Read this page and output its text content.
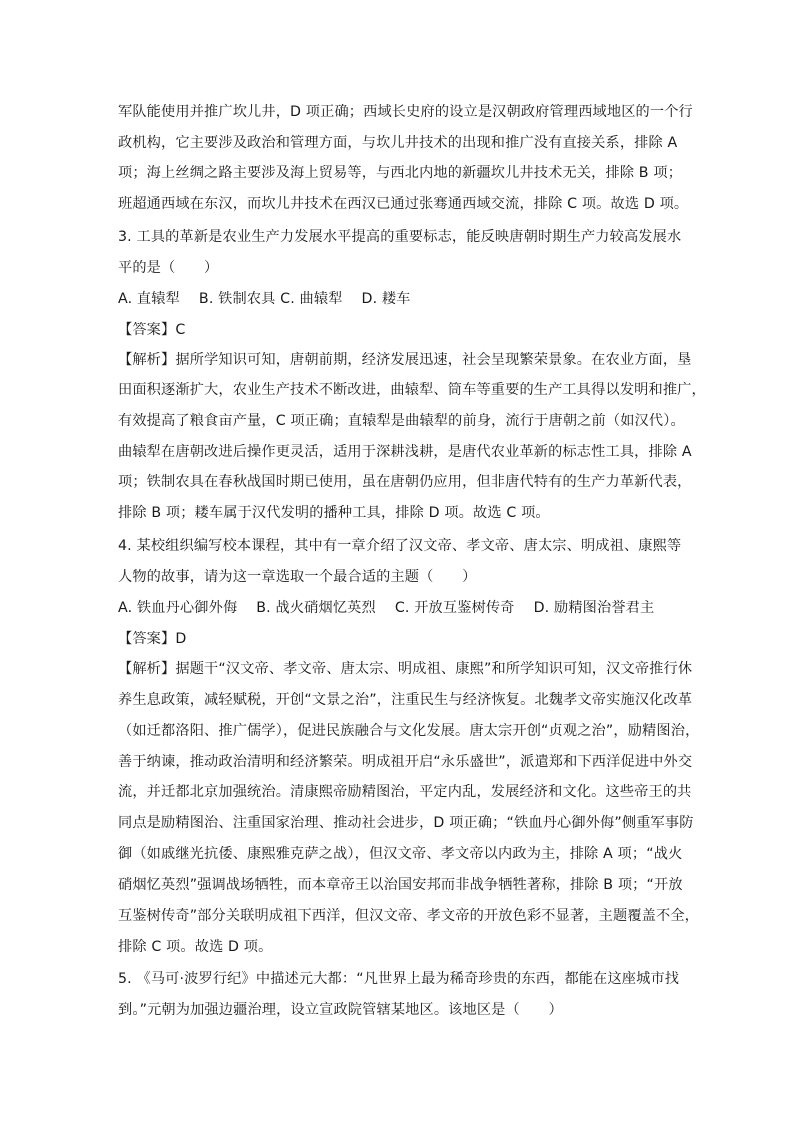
军队能使用并推广坎儿井，D 项正确；西域长史府的设立是汉朝政府管理西域地区的一个行
政机构，它主要涉及政治和管理方面，与坎儿井技术的出现和推广没有直接关系，排除 A
项；海上丝绸之路主要涉及海上贸易等，与西北内地的新疆坎儿井技术无关，排除 B 项；
班超通西域在东汉，而坎儿井技术在西汉已通过张骞通西域交流，排除 C 项。故选 D 项。
3. 工具的革新是农业生产力发展水平提高的重要标志，能反映唐朝时期生产力较高发展水
平的是（　　）
A. 直辕犁　 B. 铁制农具 C. 曲辕犁　 D. 耧车
【答案】C
【解析】据所学知识可知，唐朝前期，经济发展迅速，社会呈现繁荣景象。在农业方面，垦
田面积逐渐扩大，农业生产技术不断改进，曲辕犁、筒车等重要的生产工具得以发明和推广，
有效提高了粮食亩产量，C 项正确；直辕犁是曲辕犁的前身，流行于唐朝之前（如汉代）。
曲辕犁在唐朝改进后操作更灵活，适用于深耕浅耕，是唐代农业革新的标志性工具，排除 A
项；铁制农具在春秋战国时期已使用，虽在唐朝仍应用，但非唐代特有的生产力革新代表，
排除 B 项；耧车属于汉代发明的播种工具，排除 D 项。故选 C 项。
4. 某校组织编写校本课程，其中有一章介绍了汉文帝、孝文帝、唐太宗、明成祖、康熙等
人物的故事，请为这一章选取一个最合适的主题（　　）
A. 铁血丹心御外侮　 B. 战火硝烟忆英烈　 C. 开放互鉴树传奇　 D. 励精图治誉君主
【答案】D
【解析】据题干“汉文帝、孝文帝、唐太宗、明成祖、康熙”和所学知识可知，汉文帝推行休
养生息政策，减轻赋税，开创“文景之治”，注重民生与经济恢复。北魏孝文帝实施汉化改革
（如迁都洛阳、推广儒学），促进民族融合与文化发展。唐太宗开创“贞观之治”，励精图治，
善于纳谏，推动政治清明和经济繁荣。明成祖开启“永乐盛世”，派遣郑和下西洋促进中外交
流，并迁都北京加强统治。清康熙帝励精图治，平定内乱，发展经济和文化。这些帝王的共
同点是励精图治、注重国家治理、推动社会进步，D 项正确；“铁血丹心御外侮”侧重军事防
御（如戚继光抗倭、康熙雅克萨之战），但汉文帝、孝文帝以内政为主，排除 A 项；“战火
硝烟忆英烈”强调战场牺牲，而本章帝王以治国安邦而非战争牺牲著称，排除 B 项；“开放
互鉴树传奇”部分关联明成祖下西洋，但汉文帝、孝文帝的开放色彩不显著，主题覆盖不全，
排除 C 项。故选 D 项。
5. 《马可·波罗行纪》中描述元大都：“凡世界上最为稀奇珍贵的东西，都能在这座城市找
到。”元朝为加强边疆治理，设立宣政院管辖某地区。该地区是（　　）
